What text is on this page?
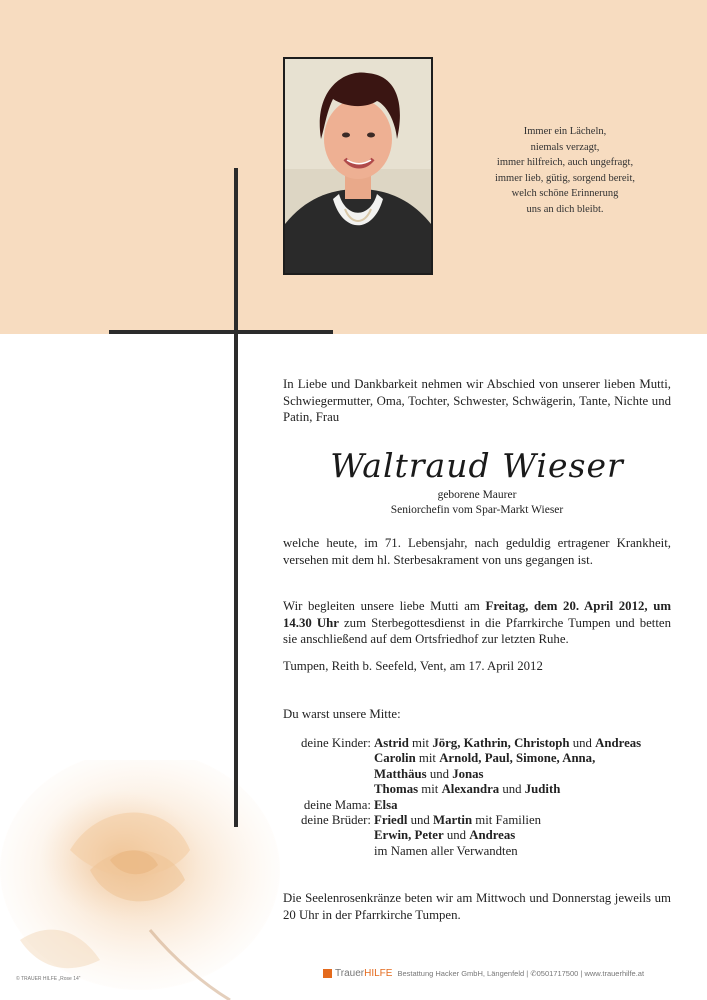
Immer ein Lächeln,
niemals verzagt,
immer hilfreich, auch ungefragt,
immer lieb, gütig, sorgend bereit,
welch schöne Erinnerung
uns an dich bleibt.
In Liebe und Dankbarkeit nehmen wir Abschied von unserer lieben Mutti, Schwiegermutter, Oma, Tochter, Schwester, Schwägerin, Tante, Nichte und Patin, Frau
Waltraud Wieser
geborene Maurer
Seniorchefin vom Spar-Markt Wieser
welche heute, im 71. Lebensjahr, nach geduldig ertragener Krankheit, versehen mit dem hl. Sterbesakrament von uns gegangen ist.
Wir begleiten unsere liebe Mutti am Freitag, dem 20. April 2012, um 14.30 Uhr zum Sterbegottesdienst in die Pfarrkirche Tumpen und betten sie anschließend auf dem Ortsfriedhof zur letzten Ruhe.
Tumpen, Reith b. Seefeld, Vent, am 17. April 2012
Du warst unsere Mitte:
deine Kinder: Astrid mit Jörg, Kathrin, Christoph und Andreas
Carolin mit Arnold, Paul, Simone, Anna,
Matthäus und Jonas
Thomas mit Alexandra und Judith
deine Mama: Elsa
deine Brüder: Friedl und Martin mit Familien
Erwin, Peter und Andreas
im Namen aller Verwandten
Die Seelenrosenkränze beten wir am Mittwoch und Donnerstag jeweils um 20 Uhr in der Pfarrkirche Tumpen.
© TRAUER HILFE „Rose 14“	TrauerHILFE Bestattung Hacker GmbH, Längenfeld | ✆ 0501717500 | www.trauerhilfe.at
